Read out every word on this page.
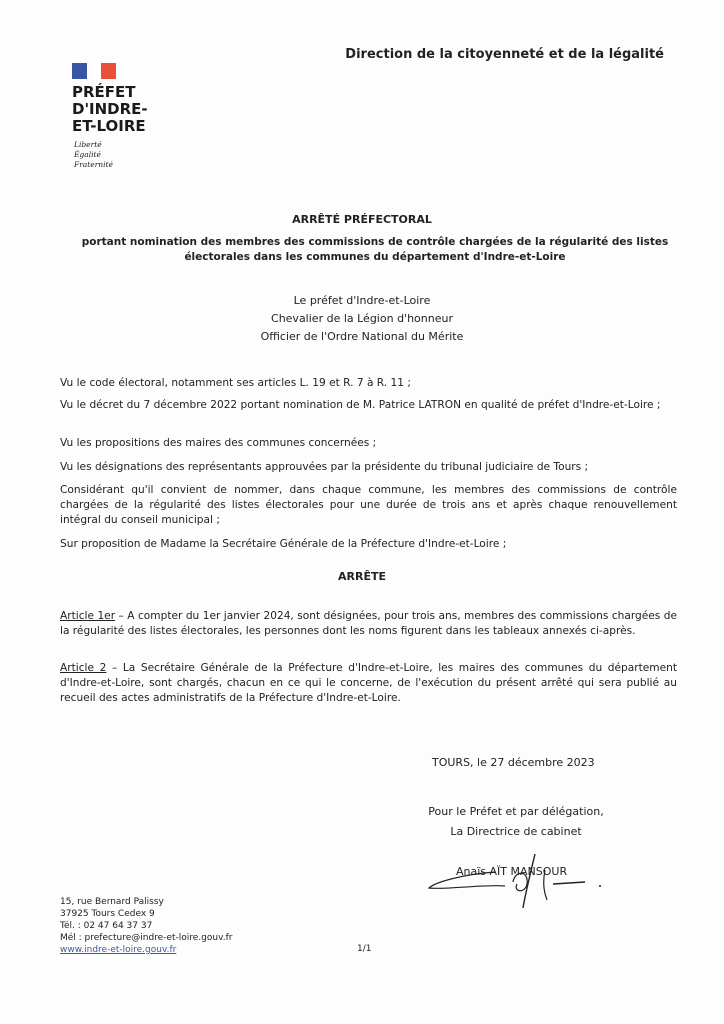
PRÉFET
D'INDRE-
ET-LOIRE
Liberté
Égalité
Fraternité
Direction de la citoyenneté et de la légalité
ARRÊTÉ PRÉFECTORAL
portant nomination des membres des commissions de contrôle chargées de la régularité des listes
électorales dans les communes du département d'Indre-et-Loire
Le préfet d'Indre-et-Loire
Chevalier de la Légion d'honneur
Officier de l'Ordre National du Mérite
Vu le code électoral, notamment ses articles L. 19 et R. 7 à R. 11 ;
Vu le décret du 7 décembre 2022 portant nomination de M. Patrice LATRON en qualité de préfet d'Indre-et-Loire ;
Vu les propositions des maires des communes concernées ;
Vu les désignations des représentants approuvées par la présidente du tribunal judiciaire de Tours ;
Considérant qu'il convient de nommer, dans chaque commune, les membres des commissions de contrôle chargées de la régularité des listes électorales pour une durée de trois ans et après chaque renouvellement intégral du conseil municipal ;
Sur proposition de Madame la Secrétaire Générale de la Préfecture d'Indre-et-Loire ;
ARRÊTE
Article 1er – A compter du 1er janvier 2024, sont désignées, pour trois ans, membres des commissions chargées de la régularité des listes électorales, les personnes dont les noms figurent dans les tableaux annexés ci-après.
Article 2 – La Secrétaire Générale de la Préfecture d'Indre-et-Loire, les maires des communes du département d'Indre-et-Loire, sont chargés, chacun en ce qui le concerne, de l'exécution du présent arrêté qui sera publié au recueil des actes administratifs de la Préfecture d'Indre-et-Loire.
TOURS, le 27 décembre 2023
Pour le Préfet et par délégation,
La Directrice de cabinet
Anaïs AÏT MANSOUR
15, rue Bernard Palissy
37925 Tours Cedex 9
Tél. : 02 47 64 37 37
Mél : prefecture@indre-et-loire.gouv.fr
www.indre-et-loire.gouv.fr	1/1
